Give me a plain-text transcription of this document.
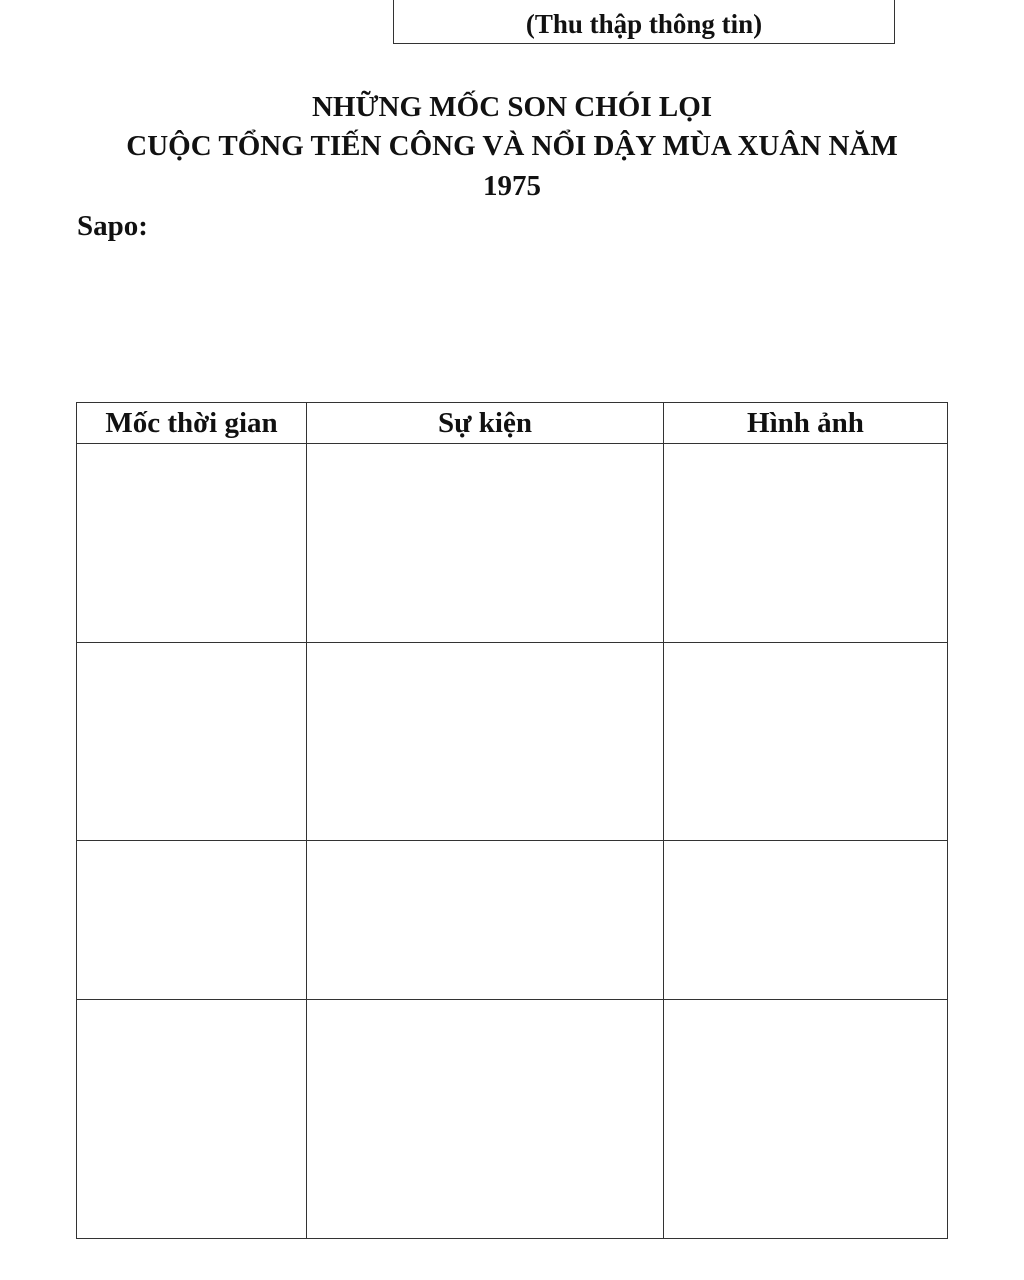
(Thu thập thông tin)
NHỮNG MỐC SON CHÓI LỌI
CUỘC TỔNG TIẾN CÔNG VÀ NỔI DẬY MÙA XUÂN NĂM
1975
Sapo:
Mốc thời gian	Sự kiện	Hình ảnh
